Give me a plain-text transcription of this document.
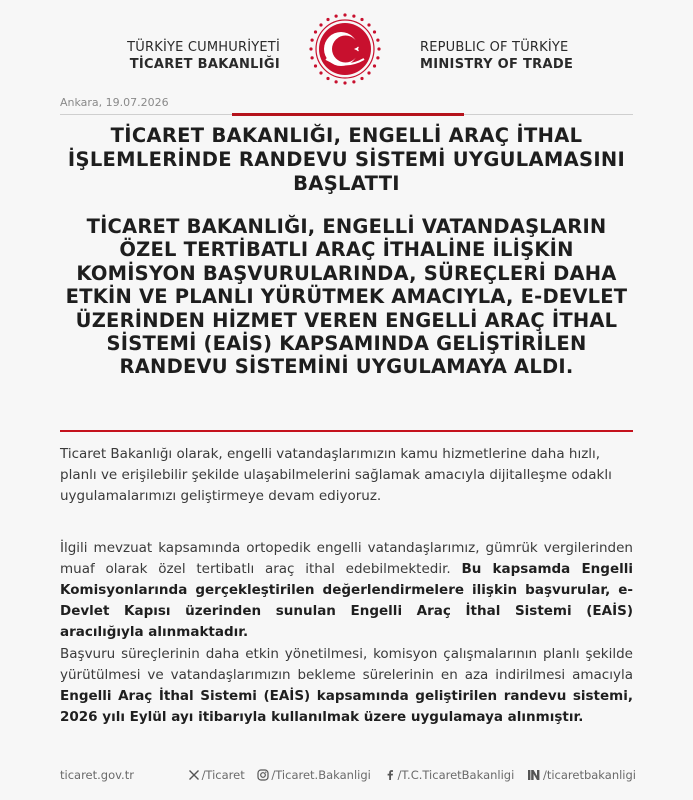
TÜRKİYE CUMHURİYETİ
TİCARET BAKANLIĞI
REPUBLIC OF TÜRKİYE
MINISTRY OF TRADE
Ankara, 19.07.2026
TİCARET BAKANLIĞI, ENGELLİ ARAÇ İTHAL İŞLEMLERİNDE RANDEVU SİSTEMİ UYGULAMASINI BAŞLATTI
TİCARET BAKANLIĞI, ENGELLİ VATANDAŞLARIN ÖZEL TERTİBATLI ARAÇ İTHALİNE İLİŞKİN KOMİSYON BAŞVURULARINDA, SÜREÇLERİ DAHA ETKİN VE PLANLI YÜRÜTMEK AMACIYLA, E-DEVLET ÜZERİNDEN HİZMET VEREN ENGELLİ ARAÇ İTHAL SİSTEMİ (EAİS) KAPSAMINDA GELİŞTİRİLEN RANDEVU SİSTEMİNİ UYGULAMAYA ALDI.
Ticaret Bakanlığı olarak, engelli vatandaşlarımızın kamu hizmetlerine daha hızlı, planlı ve erişilebilir şekilde ulaşabilmelerini sağlamak amacıyla dijitalleşme odaklı uygulamalarımızı geliştirmeye devam ediyoruz.
İlgili mevzuat kapsamında ortopedik engelli vatandaşlarımız, gümrük vergilerinden muaf olarak özel tertibatlı araç ithal edebilmektedir. Bu kapsamda Engelli Komisyonlarında gerçekleştirilen değerlendirmelere ilişkin başvurular, e-Devlet Kapısı üzerinden sunulan Engelli Araç İthal Sistemi (EAİS) aracılığıyla alınmaktadır.
Başvuru süreçlerinin daha etkin yönetilmesi, komisyon çalışmalarının planlı şekilde yürütülmesi ve vatandaşlarımızın bekleme sürelerinin en aza indirilmesi amacıyla Engelli Araç İthal Sistemi (EAİS) kapsamında geliştirilen randevu sistemi, 2026 yılı Eylül ayı itibarıyla kullanılmak üzere uygulamaya alınmıştır.
ticaret.gov.tr	/Ticaret /Ticaret.Bakanligi /T.C.TicaretBakanligi /ticaretbakanligi
